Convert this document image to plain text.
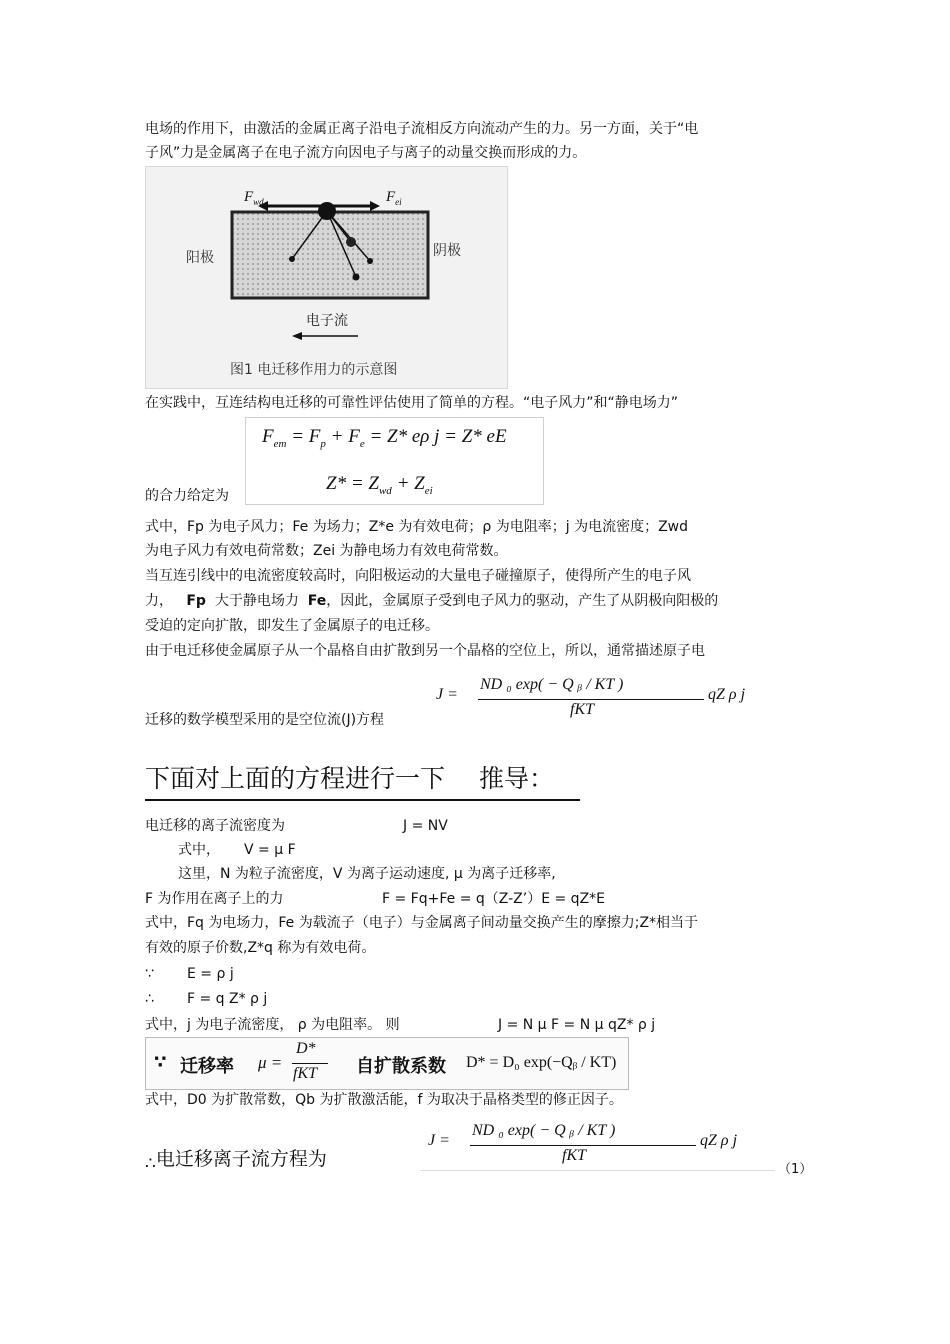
电场的作用下，由激活的金属正离子沿电子流相反方向流动产生的力。另一方面，关于“电
子风”力是金属离子在电子流方向因电子与离子的动量交换而形成的力。
$F_{wd}$	$F_{ei}$
阳极	阴极
电子流
图1 电迁移作用力的示意图
在实践中，互连结构电迁移的可靠性评估使用了简单的方程。“电子风力”和“静电场力”
$F_{em} = F_p + F_e = Z*$ eρ j = Z* eE
$Z* = Z_{wd} + Z_{ei}$
的合力给定为
式中，Fp 为电子风力；Fe 为场力；Z*e 为有效电荷；ρ 为电阻率；j 为电流密度；Zwd
为电子风力有效电荷常数；Zei 为静电场力有效电荷常数。
当互连引线中的电流密度较高时，向阳极运动的大量电子碰撞原子，使得所产生的电子风
力， Fp 大于静电场力 Fe，因此，金属原子受到电子风力的驱动，产生了从阴极向阳极的
受迫的定向扩散，即发生了金属原子的电迁移。
由于电迁移使金属原子从一个晶格自由扩散到另一个晶格的空位上，所以，通常描述原子电
J =
ND ₀ exp( − Q ᵦ / KT )
fKT
qZ ρ j
迁移的数学模型采用的是空位流(J)方程
下面对上面的方程进行一下 推导：
电迁移的离子流密度为	J = NV
式中， V = μ F
这里，N 为粒子流密度，V 为离子运动速度, μ 为离子迁移率,
F 为作用在离子上的力	F = Fq+Fe = q（Z-Z’）E = qZ*E
式中，Fq 为电场力，Fe 为载流子（电子）与金属离子间动量交换产生的摩擦力;Z*相当于
有效的原子价数,Z*q 称为有效电荷。
∵ E = ρ j
∴ F = q Z* ρ j
式中，j 为电子流密度， ρ 为电阻率。 则	J = N μ F = N μ qZ* ρ j
∵ 迁移率 μ =
D*
fKT 自扩散系数 D* = D₀ exp(−Qᵦ / KT)
式中，D0 为扩散常数，Qb 为扩散激活能，f 为取决于晶格类型的修正因子。
∴电迁移离子流方程为
J =
ND ₀ exp( − Q ᵦ / KT )
fKT
qZ ρ j
（1）
